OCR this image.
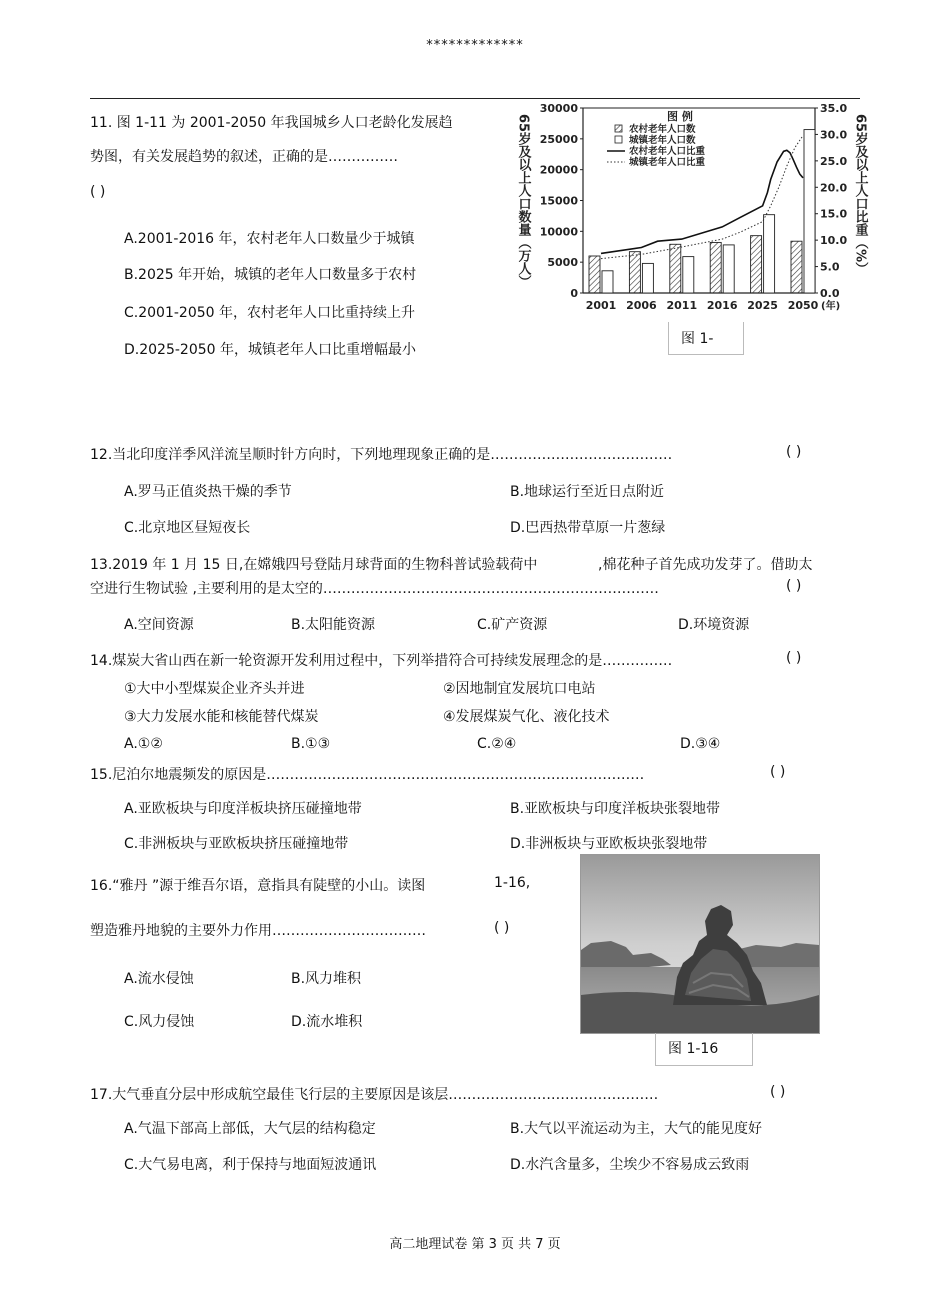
*************
11. 图 1-11 为 2001-2050 年我国城乡人口老龄化发展趋
势图，有关发展趋势的叙述，正确的是……………
( )
A.2001-2016 年，农村老年人口数量少于城镇
B.2025 年开始，城镇的老年人口数量多于农村
C.2001-2050 年，农村老年人口比重持续上升
D.2025-2050 年，城镇老年人口比重增幅最小
65岁及以上人口数量（万人）	65岁及以上人口比重（%）
0
5000
10000
15000
20000
25000
30000
0.0
5.0
10.0
15.0
20.0
25.0
30.0
35.0
2001 2006 2011 2016 2025 2050 (年)
图 例
农村老年人口数
城镇老年人口数
农村老年人口比重
城镇老年人口比重
图 1-
12.当北印度洋季风洋流呈顺时针方向时，下列地理现象正确的是…………………………………	( )
A.罗马正值炎热干燥的季节	B.地球运行至近日点附近
C.北京地区昼短夜长	D.巴西热带草原一片葱绿
13.2019 年 1 月 15 日,在嫦娥四号登陆月球背面的生物科普试验载荷中	,棉花种子首先成功发芽了。借助太
空进行生物试验 ,主要利用的是太空的………………………………………………………………	( )
A.空间资源	B.太阳能资源	C.矿产资源	D.环境资源
14.煤炭大省山西在新一轮资源开发利用过程中，下列举措符合可持续发展理念的是……………	( )
①大中小型煤炭企业齐头并进	②因地制宜发展坑口电站
③大力发展水能和核能替代煤炭	④发展煤炭气化、液化技术
A.①②	B.①③	C.②④	D.③④
15.尼泊尔地震频发的原因是………………………………………………………………………	( )
A.亚欧板块与印度洋板块挤压碰撞地带	B.亚欧板块与印度洋板块张裂地带
C.非洲板块与亚欧板块挤压碰撞地带	D.非洲板块与亚欧板块张裂地带
16.“雅丹 ”源于维吾尔语，意指具有陡壁的小山。读图	1-16,
塑造雅丹地貌的主要外力作用……………………………	( )
A.流水侵蚀	B.风力堆积
C.风力侵蚀	D.流水堆积
图 1-16
17.大气垂直分层中形成航空最佳飞行层的主要原因是该层………………………………………	( )
A.气温下部高上部低，大气层的结构稳定	B.大气以平流运动为主，大气的能见度好
C.大气易电离，利于保持与地面短波通讯	D.水汽含量多，尘埃少不容易成云致雨
高二地理试卷 第 3 页 共 7 页
